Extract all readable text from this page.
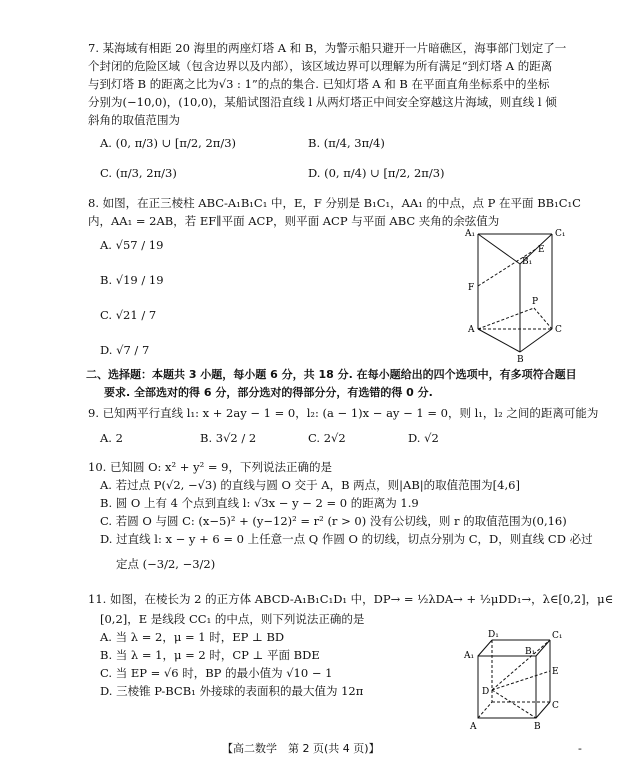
7. 某海域有相距 20 海里的两座灯塔 A 和 B，为警示船只避开一片暗礁区，海事部门划定了一
个封闭的危险区域（包含边界以及内部），该区域边界可以理解为所有满足“到灯塔 A 的距离
与到灯塔 B 的距离之比为√3 : 1”的点的集合. 已知灯塔 A 和 B 在平面直角坐标系中的坐标
分别为(−10,0)，(10,0)，某船试图沿直线 l 从两灯塔正中间安全穿越这片海域，则直线 l 倾
斜角的取值范围为
A. (0, π/3) ∪ [π/2, 2π/3)	B. (π/4, 3π/4)
C. (π/3, 2π/3)	D. (0, π/4) ∪ [π/2, 2π/3)
8. 如图，在正三棱柱 ABC-A₁B₁C₁ 中，E，F 分别是 B₁C₁，AA₁ 的中点，点 P 在平面 BB₁C₁C
内，AA₁ = 2AB，若 EF∥平面 ACP，则平面 ACP 与平面 ABC 夹角的余弦值为
A. √57 / 19
B. √19 / 19
C. √21 / 7
D. √7 / 7
A₁	C₁
B₁
E
F
P
A	C
B
二、选择题：本题共 3 小题，每小题 6 分，共 18 分. 在每小题给出的四个选项中，有多项符合题目
要求. 全部选对的得 6 分，部分选对的得部分分，有选错的得 0 分.
9. 已知两平行直线 l₁: x + 2ay − 1 = 0，l₂: (a − 1)x − ay − 1 = 0，则 l₁，l₂ 之间的距离可能为
A. 2	B. 3√2 / 2	C. 2√2	D. √2
10. 已知圆 O: x² + y² = 9，下列说法正确的是
A. 若过点 P(√2, −√3) 的直线与圆 O 交于 A，B 两点，则|AB|的取值范围为[4,6]
B. 圆 O 上有 4 个点到直线 l: √3x − y − 2 = 0 的距离为 1.9
C. 若圆 O 与圆 C: (x−5)² + (y−12)² = r² (r > 0) 没有公切线，则 r 的取值范围为(0,16)
D. 过直线 l: x − y + 6 = 0 上任意一点 Q 作圆 O 的切线，切点分别为 C，D，则直线 CD 必过
定点 (−3/2, −3/2)
11. 如图，在棱长为 2 的正方体 ABCD-A₁B₁C₁D₁ 中，DP→ = ½λDA→ + ½μDD₁→，λ∈[0,2]，μ∈
[0,2]，E 是线段 CC₁ 的中点，则下列说法正确的是
A. 当 λ = 2，μ = 1 时，EP ⊥ BD
B. 当 λ = 1，μ = 2 时，CP ⊥ 平面 BDE
C. 当 EP = √6 时，BP 的最小值为 √10 − 1
D. 三棱锥 P-BCB₁ 外接球的表面积的最大值为 12π
D₁	C₁
A₁	B₁
E
D
C
A	B
【高二数学　第 2 页(共 4 页)】	-
